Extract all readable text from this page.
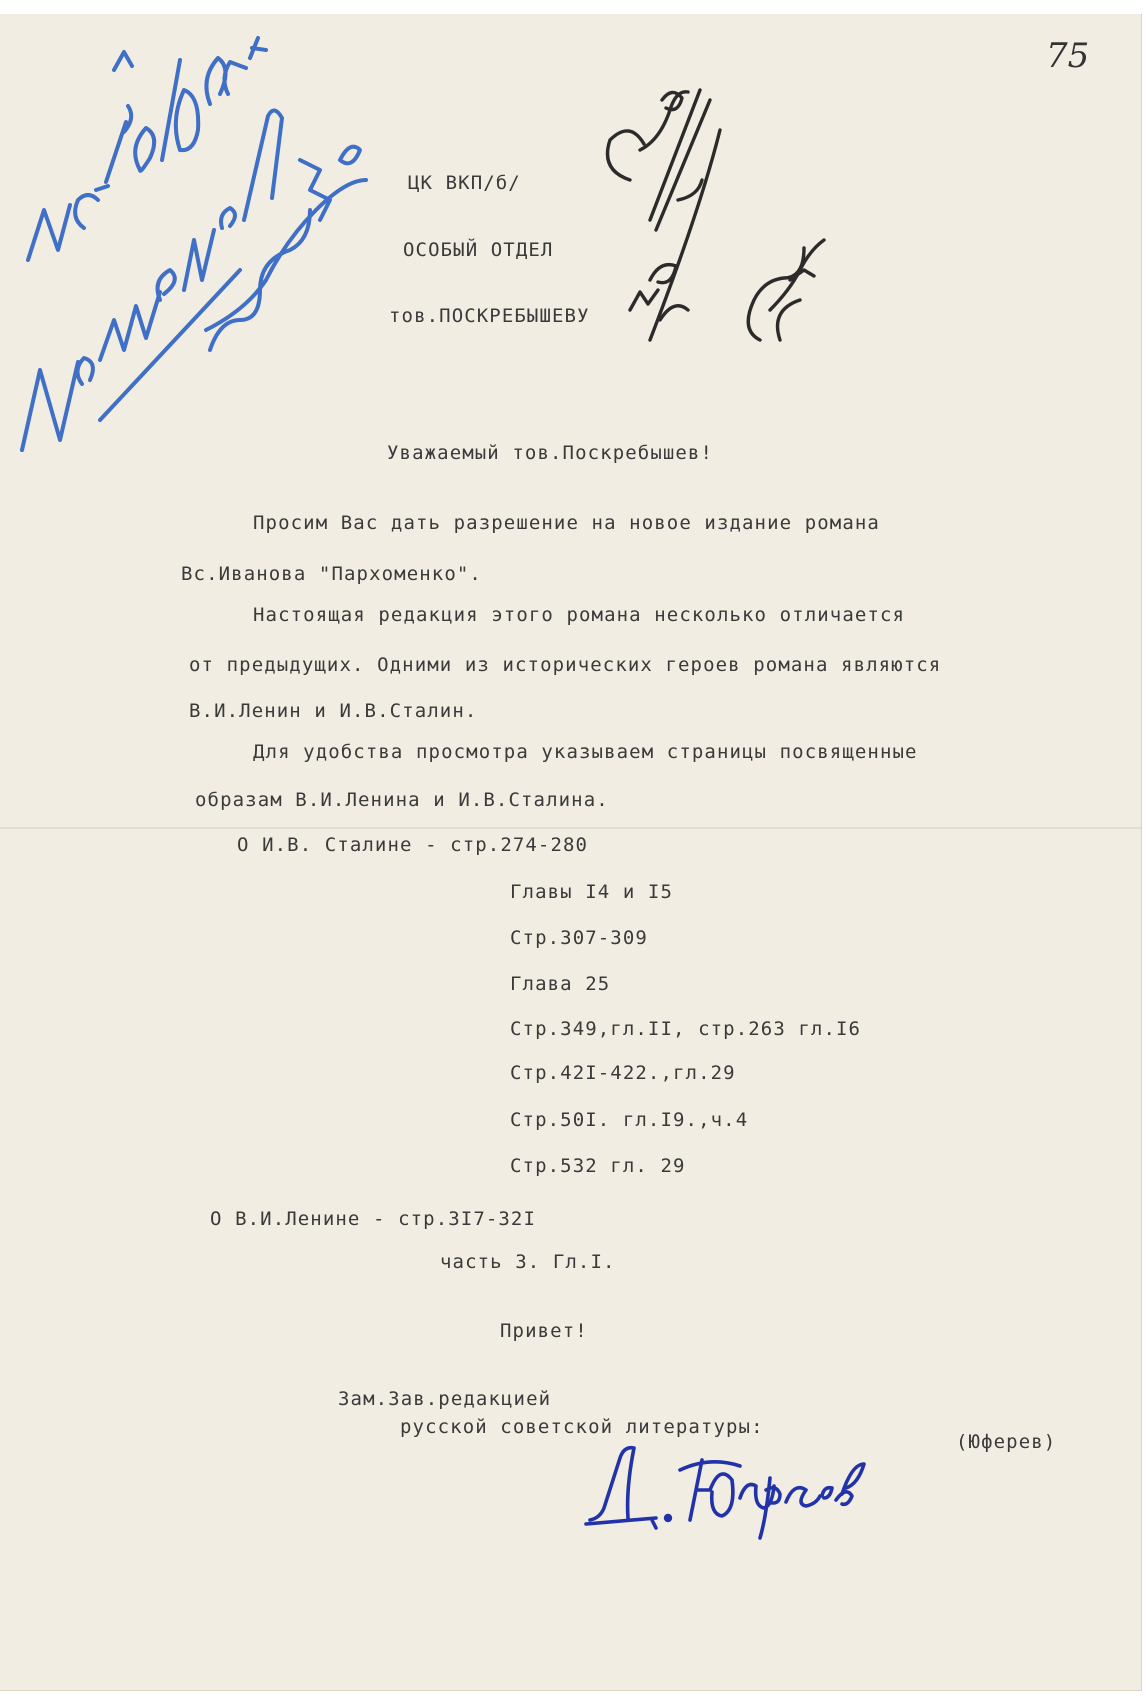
75

ЦК ВКП/б/

ОСОБЫЙ ОТДЕЛ

тов.ПОСКРЕБЫШЕВУ

Уважаемый тов.Поскребышев!

Просим Вас дать разрешение на новое издание романа

Вс.Иванова "Пархоменко".

Настоящая редакция этого романа несколько отличается

от предыдущих. Одними из исторических героев романа являются

В.И.Ленин и И.В.Сталин.

Для удобства просмотра указываем страницы посвященные

образам В.И.Ленина и И.В.Сталина.

О И.В. Сталине - стр.274-280

Главы I4 и I5

Стр.307-309

Глава 25

Стр.349,гл.II, стр.263 гл.I6

Стр.42I-422.,гл.29

Стр.50I. гл.I9.,ч.4

Стр.532 гл. 29

О В.И.Ленине - стр.3I7-32I

часть 3. Гл.I.

Привет!

Зам.Зав.редакцией

русской советской литературы:

(Юферев)
